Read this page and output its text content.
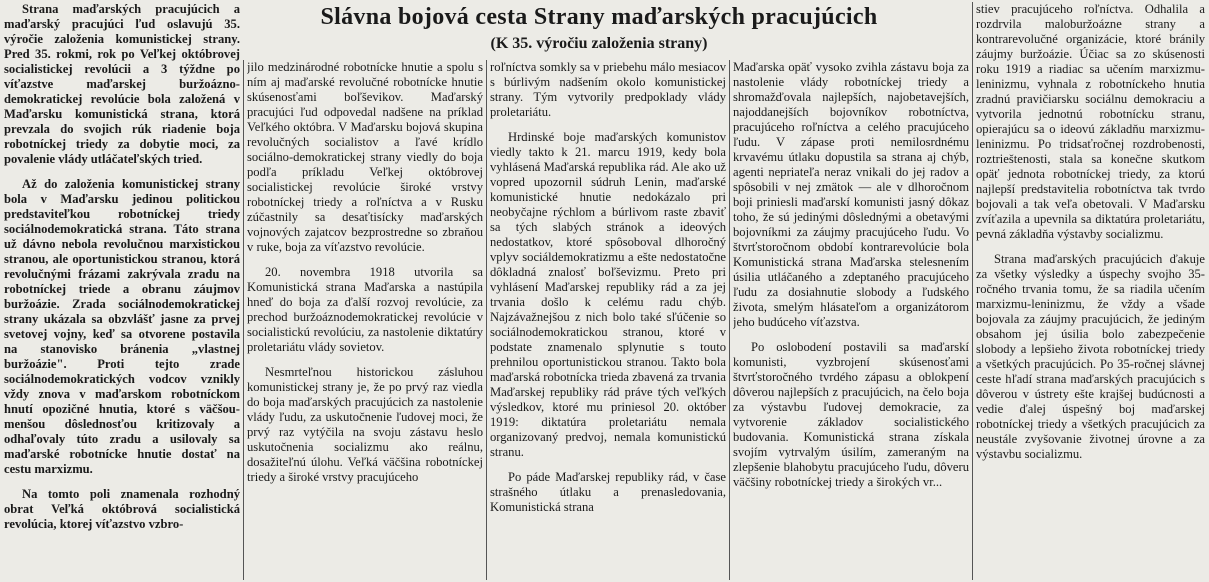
Slávna bojová cesta Strany maďarských pracujúcich
(K 35. výročiu založenia strany)

Strana maďarských pracujúcich a maďarský pracujúci ľud oslavujú 35. výročie založenia komunistickej strany. Pred 35. rokmi, rok po Veľkej októbrovej socialistickej revolúcii a 3 týždne po víťazstve maďarskej buržoázno-demokratickej revolúcie bola založená v Maďarsku komunistická strana, ktorá prevzala do svojich rúk riadenie boja robotníckej triedy za dobytie moci, za povalenie vlády utláčateľských tried.

Až do založenia komunistickej strany bola v Maďarsku jedinou politickou predstaviteľkou robotníckej triedy sociálnodemokratická strana. Táto strana už dávno nebola revolučnou marxistickou stranou, ale oportunistickou stranou, ktorá revolučnými frázami zakrývala zradu na robotníckej triede a obranu záujmov buržoázie. Zrada sociálnodemokratickej strany ukázala sa obzvlášť jasne za prvej svetovej vojny, keď sa otvorene postavila na stanovisko bránenia „vlastnej buržoázie". Proti tejto zrade sociálnodemokratických vodcov vznikly vždy znova v maďarskom robotníckom hnutí opozičné hnutia, ktoré s väčšou-menšou dôslednosťou kritizovaly a odhaľovaly túto zradu a usilovaly sa maďarské robotnícke hnutie dostať na cestu marxizmu.

Na tomto poli znamenala rozhodný obrat Veľká októbrová socialistická revolúcia, ktorej víťazstvo vzbro-

jilo medzinárodné robotnícke hnutie a spolu s ním aj maďarské revolučné robotnícke hnutie skúsenosťami boľševikov. Maďarský pracujúci ľud odpovedal nadšene na príklad Veľkého októbra. V Maďarsku bojová skupina revolučných socialistov a ľavé krídlo sociálno-demokratickej strany viedly do boja podľa príkladu Veľkej októbrovej socialistickej revolúcie široké vrstvy robotníckej triedy a roľníctva a v Rusku zúčastnily sa desaťtisícky maďarských vojnových zajatcov bezprostredne so zbraňou v ruke, boja za víťazstvo revolúcie.

20. novembra 1918 utvorila sa Komunistická strana Maďarska a nastúpila hneď do boja za ďalší rozvoj revolúcie, za prechod buržoáznodemokratickej revolúcie v socialistickú revolúciu, za nastolenie diktatúry proletariátu vlády sovietov.

Nesmrteľnou historickou zásluhou komunistickej strany je, že po prvý raz viedla do boja maďarských pracujúcich za nastolenie vlády ľudu, za uskutočnenie ľudovej moci, že prvý raz vytýčila na svoju zástavu heslo uskutočnenia socializmu ako reálnu, dosažiteľnú úlohu. Veľká väčšina robotníckej triedy a široké vrstvy pracujúceho

roľníctva somkly sa v priebehu málo mesiacov s búrlivým nadšením okolo komunistickej strany. Tým vytvorily predpoklady vlády proletariátu.

Hrdinské boje maďarských komunistov viedly takto k 21. marcu 1919, kedy bola vyhlásená Maďarská republika rád. Ale ako už vopred upozornil súdruh Lenin, maďarské komunistické hnutie nedokázalo pri neobyčajne rýchlom a búrlivom raste zbaviť sa tých slabých stránok a ideových nedostatkov, ktoré spôsoboval dlhoročný vplyv sociáldemokratizmu a ešte nedostatočne dôkladná znalosť boľševizmu. Preto pri vyhlásení Maďarskej republiky rád a za jej trvania došlo k celému radu chýb. Najzávažnejšou z nich bolo také sľúčenie so sociálnodemokratickou stranou, ktoré v podstate znamenalo splynutie s touto prehnilou oportunistickou stranou. Takto bola maďarská robotnícka trieda zbavená za trvania Maďarskej republiky rád práve tých veľkých výsledkov, ktoré mu priniesol 20. október 1919: diktatúra proletariátu nemala organizovaný predvoj, nemala komunistickú stranu.

Po páde Maďarskej republiky rád, v čase strašného útlaku a prenasledovania, Komunistická strana

Maďarska opäť vysoko zvihla zástavu boja za nastolenie vlády robotníckej triedy a shromažďovala najlepších, najobetavejších, najoddanejších bojovníkov robotníctva, pracujúceho roľníctva a celého pracujúceho ľudu. V zápase proti nemilosrdnému krvavému útlaku dopustila sa strana aj chýb, agenti nepriateľa neraz vnikali do jej radov a spôsobili v nej zmätok — ale v dlhoročnom boji priniesli maďarskí komunisti jasný dôkaz toho, že sú jedinými dôslednými a obetavými bojovníkmi za záujmy pracujúceho ľudu. Vo štvrťstoročnom období kontrarevolúcie bola Komunistická strana Maďarska stelesnením úsilia utláčaného a zdeptaného pracujúceho ľudu za dosiahnutie slobody a ľudského života, smelým hlásateľom a organizátorom jeho budúceho víťazstva.

Po oslobodení postavili sa maďarskí komunisti, vyzbrojení skúsenosťami štvrťstoročného tvrdého zápasu a oblokpení dôverou najlepších z pracujúcich, na čelo boja za výstavbu ľudovej demokracie, za vytvorenie základov socialistického budovania. Komunistická strana získala svojím vytrvalým úsilím, zameraným na zlepšenie blahobytu pracujúceho ľudu, dôveru väčšiny robotníckej triedy a širokých vr...

stiev pracujúceho roľníctva. Odhalila a rozdrvila maloburžoázne strany a kontrarevolučné organizácie, ktoré bránily záujmy buržoázie. Účiac sa zo skúsenosti roku 1919 a riadiac sa učením marxizmu-leninizmu, vyhnala z robotníckeho hnutia zradnú pravičiarsku sociálnu demokraciu a vytvorila jednotnú robotnícku stranu, opierajúcu sa o ideovú základňu marxizmu-leninizmu. Po tridsaťročnej rozdrobenosti, roztrieštenosti, stala sa konečne skutkom opäť jednota robotníckej triedy, za ktorú najlepší predstavitelia robotníctva tak tvrdo bojovali a tak veľa obetovali. V Maďarsku zvíťazila a upevnila sa diktatúra proletariátu, pevná základňa výstavby socializmu.

Strana maďarských pracujúcich ďakuje za všetky výsledky a úspechy svojho 35-ročného trvania tomu, že sa riadila učením marxizmu-leninizmu, že vždy a všade bojovala za záujmy pracujúcich, že jediným obsahom jej úsilia bolo zabezpečenie slobody a lepšieho života robotníckej triedy a všetkých pracujúcich. Po 35-ročnej slávnej ceste hľadí strana maďarských pracujúcich s dôverou v ústrety ešte krajšej budúcnosti a vedie ďalej úspešný boj maďarskej robotníckej triedy a všetkých pracujúcich za neustále zvyšovanie životnej úrovne a za výstavbu socializmu.
